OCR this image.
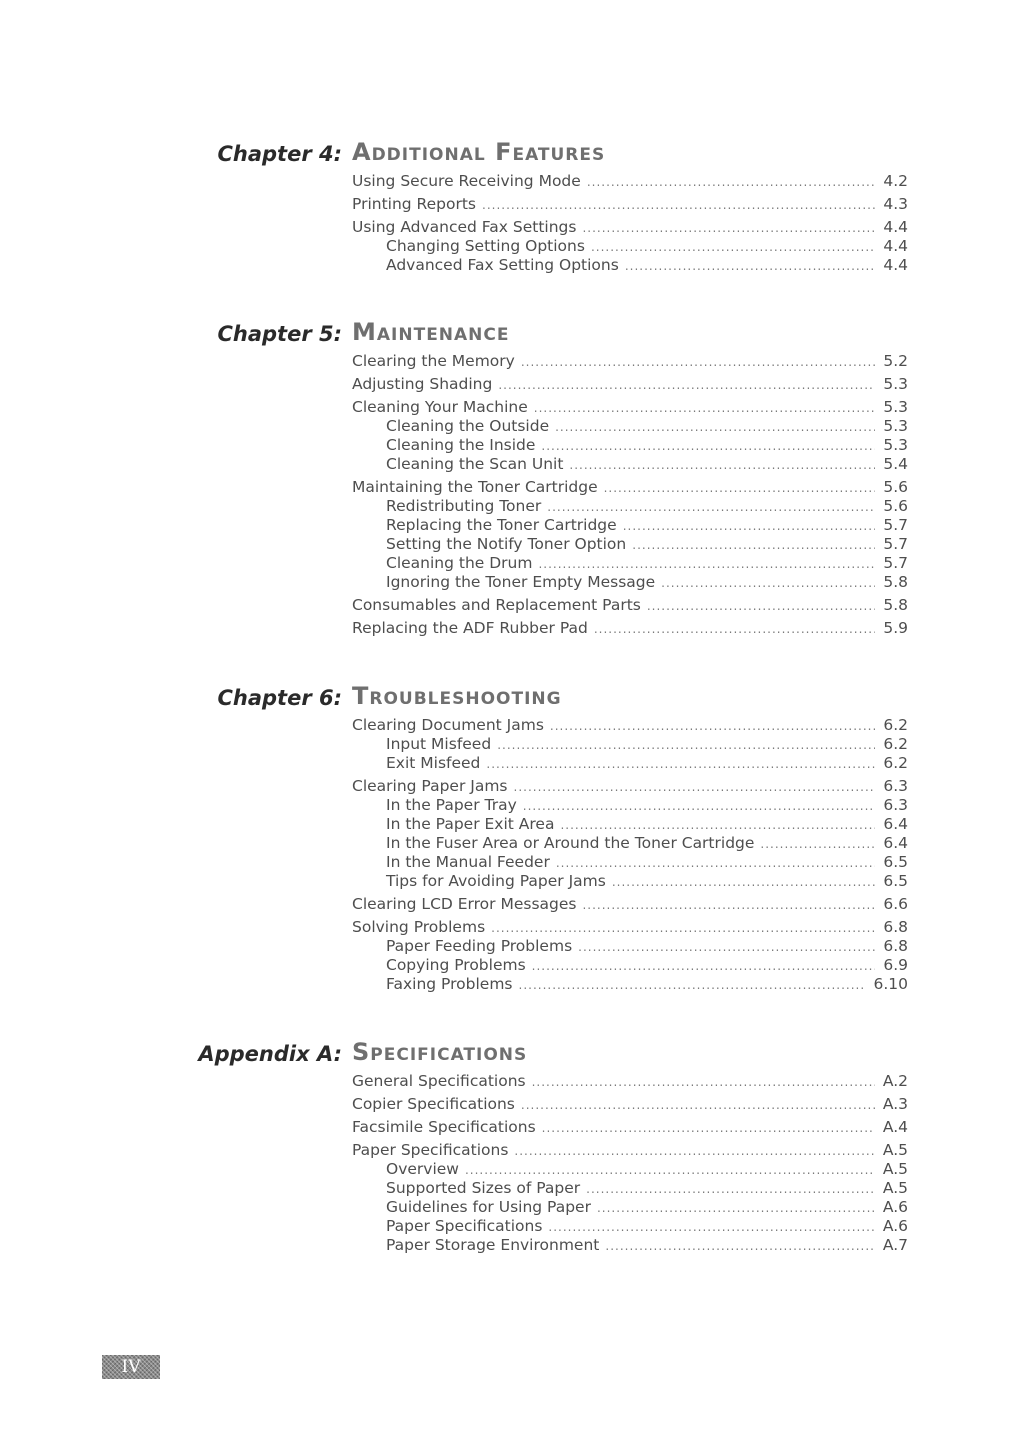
Chapter 4: Additional Features
Using Secure Receiving Mode .....	4.2
Printing Reports .....	4.3
Using Advanced Fax Settings .....	4.4
Changing Setting Options .....	4.4
Advanced Fax Setting Options .....	4.4
Chapter 5: Maintenance
Clearing the Memory .....	5.2
Adjusting Shading .....	5.3
Cleaning Your Machine .....	5.3
Cleaning the Outside .....	5.3
Cleaning the Inside .....	5.3
Cleaning the Scan Unit .....	5.4
Maintaining the Toner Cartridge .....	5.6
Redistributing Toner .....	5.6
Replacing the Toner Cartridge .....	5.7
Setting the Notify Toner Option .....	5.7
Cleaning the Drum .....	5.7
Ignoring the Toner Empty Message .....	5.8
Consumables and Replacement Parts .....	5.8
Replacing the ADF Rubber Pad .....	5.9
Chapter 6: Troubleshooting
Clearing Document Jams .....	6.2
Input Misfeed .....	6.2
Exit Misfeed .....	6.2
Clearing Paper Jams .....	6.3
In the Paper Tray .....	6.3
In the Paper Exit Area .....	6.4
In the Fuser Area or Around the Toner Cartridge .....	6.4
In the Manual Feeder .....	6.5
Tips for Avoiding Paper Jams .....	6.5
Clearing LCD Error Messages .....	6.6
Solving Problems .....	6.8
Paper Feeding Problems .....	6.8
Copying Problems .....	6.9
Faxing Problems .....	6.10
Appendix A: Specifications
General Specifications .....	A.2
Copier Specifications .....	A.3
Facsimile Specifications .....	A.4
Paper Specifications .....	A.5
Overview .....	A.5
Supported Sizes of Paper .....	A.5
Guidelines for Using Paper .....	A.6
Paper Specifications .....	A.6
Paper Storage Environment .....	A.7
IV
